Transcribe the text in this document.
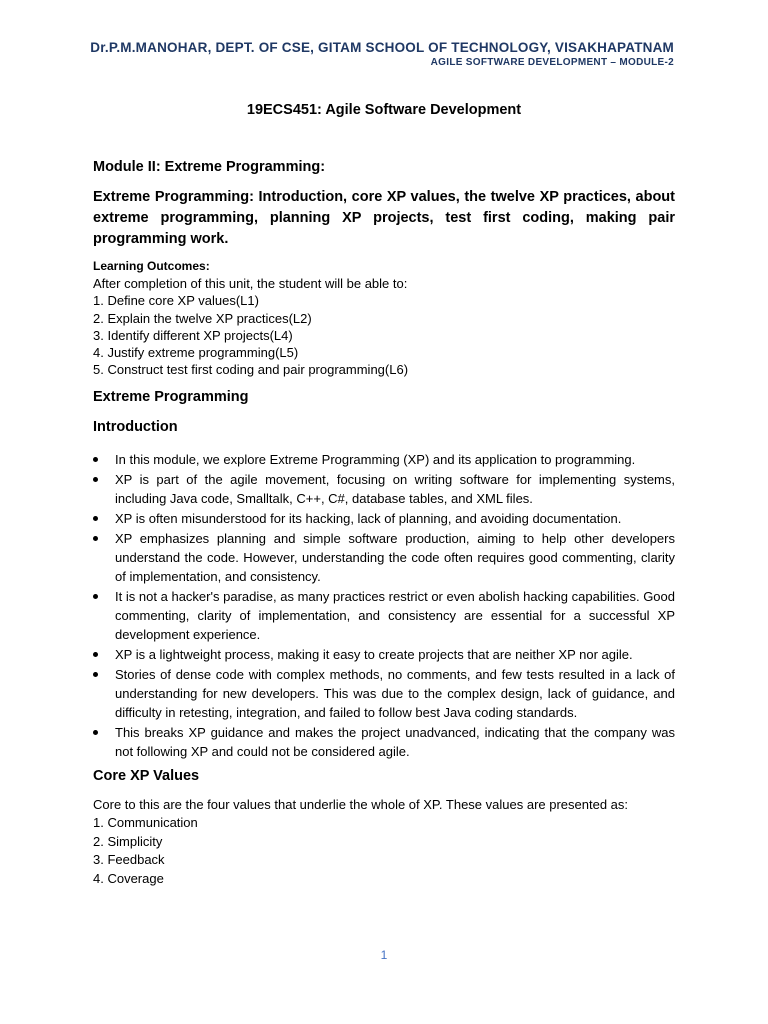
Dr.P.M.MANOHAR, DEPT. OF CSE, GITAM SCHOOL OF TECHNOLOGY, VISAKHAPATNAM
AGILE SOFTWARE DEVELOPMENT – MODULE-2
19ECS451: Agile Software Development
Module II: Extreme Programming:
Extreme Programming: Introduction, core XP values, the twelve XP practices, about extreme programming, planning XP projects, test first coding, making pair programming work.
Learning Outcomes:
After completion of this unit, the student will be able to:
1. Define core XP values(L1)
2. Explain the twelve XP practices(L2)
3. Identify different XP projects(L4)
4. Justify extreme programming(L5)
5. Construct test first coding and pair programming(L6)
Extreme Programming
Introduction
In this module, we explore Extreme Programming (XP) and its application to programming.
XP is part of the agile movement, focusing on writing software for implementing systems, including Java code, Smalltalk, C++, C#, database tables, and XML files.
XP is often misunderstood for its hacking, lack of planning, and avoiding documentation.
XP emphasizes planning and simple software production, aiming to help other developers understand the code. However, understanding the code often requires good commenting, clarity of implementation, and consistency.
It is not a hacker's paradise, as many practices restrict or even abolish hacking capabilities. Good commenting, clarity of implementation, and consistency are essential for a successful XP development experience.
XP is a lightweight process, making it easy to create projects that are neither XP nor agile.
Stories of dense code with complex methods, no comments, and few tests resulted in a lack of understanding for new developers. This was due to the complex design, lack of guidance, and difficulty in retesting, integration, and failed to follow best Java coding standards.
This breaks XP guidance and makes the project unadvanced, indicating that the company was not following XP and could not be considered agile.
Core XP Values
Core to this are the four values that underlie the whole of XP. These values are presented as:
1. Communication
2. Simplicity
3. Feedback
4. Coverage
1
